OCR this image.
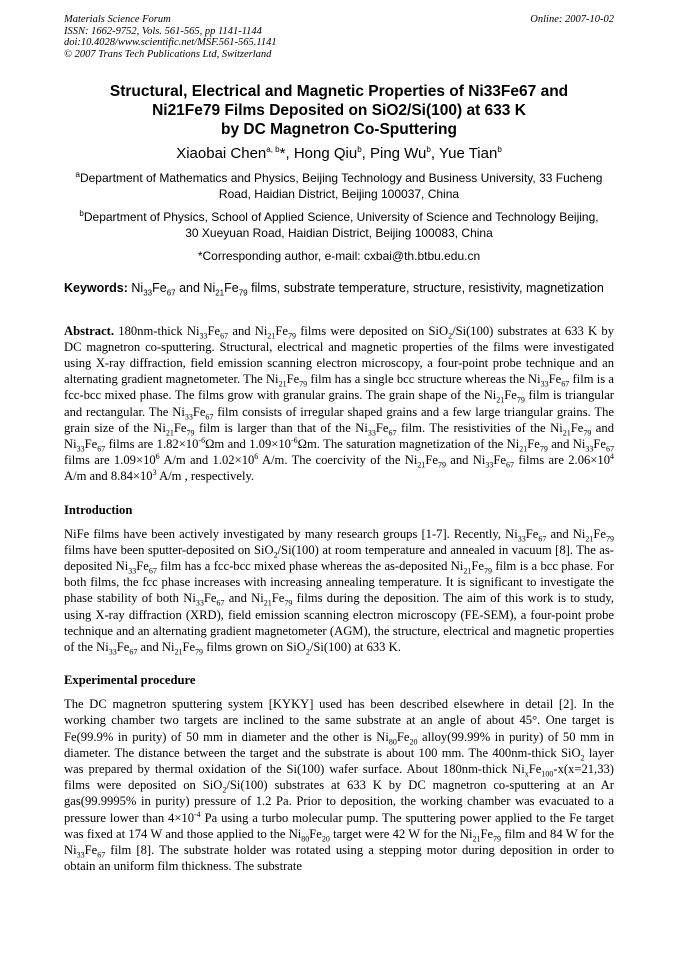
Materials Science Forum
ISSN: 1662-9752, Vols. 561-565, pp 1141-1144
doi:10.4028/www.scientific.net/MSF.561-565.1141
© 2007 Trans Tech Publications Ltd, Switzerland
Online: 2007-10-02
Structural, Electrical and Magnetic Properties of Ni33Fe67 and
Ni21Fe79 Films Deposited on SiO2/Si(100) at 633 K
by DC Magnetron Co-Sputtering
Xiaobai Chen$^{a, b}$*, Hong Qiu$^b$, Ping Wu$^b$, Yue Tian$^b$
$^a$Department of Mathematics and Physics, Beijing Technology and Business University, 33 Fucheng
Road, Haidian District, Beijing 100037, China
$^b$Department of Physics, School of Applied Science, University of Science and Technology Beijing,
30 Xueyuan Road, Haidian District, Beijing 100083, China
*Corresponding author, e-mail: cxbai@th.btbu.edu.cn
Keywords: $Ni_{33}Fe_{67}$ and $Ni_{21}Fe_{79}$ films, substrate temperature, structure, resistivity, magnetization
Abstract. 180nm-thick $Ni_{33}Fe_{67}$ and $Ni_{21}Fe_{79}$ films were deposited on SiO$_2$/Si(100) substrates at 633 K by DC magnetron co-sputtering. Structural, electrical and magnetic properties of the films were investigated using X-ray diffraction, field emission scanning electron microscopy, a four-point probe technique and an alternating gradient magnetometer. The $Ni_{21}Fe_{79}$ film has a single bcc structure whereas the $Ni_{33}Fe_{67}$ film is a fcc-bcc mixed phase. The films grow with granular grains. The grain shape of the $Ni_{21}Fe_{79}$ film is triangular and rectangular. The $Ni_{33}Fe_{67}$ film consists of irregular shaped grains and a few large triangular grains. The grain size of the $Ni_{21}Fe_{79}$ film is larger than that of the $Ni_{33}Fe_{67}$ film. The resistivities of the $Ni_{21}Fe_{79}$ and $Ni_{33}Fe_{67}$ films are $1.82\times 10^{-6}\Omega m$ and $1.09\times 10^{-6}\Omega m$. The saturation magnetization of the $Ni_{21}Fe_{79}$ and $Ni_{33}Fe_{67}$ films are $1.09\times 10^6$ A/m and $1.02\times 10^6$ A/m. The coercivity of the $Ni_{21}Fe_{79}$ and $Ni_{33}Fe_{67}$ films are $2.06\times 10^4$ A/m and $8.84\times 10^3$ A/m , respectively.
Introduction
NiFe films have been actively investigated by many research groups [1-7]. Recently, $Ni_{33}Fe_{67}$ and $Ni_{21}Fe_{79}$ films have been sputter-deposited on SiO$_2$/Si(100) at room temperature and annealed in vacuum [8]. The as-deposited $Ni_{33}Fe_{67}$ film has a fcc-bcc mixed phase whereas the as-deposited $Ni_{21}Fe_{79}$ film is a bcc phase. For both films, the fcc phase increases with increasing annealing temperature. It is significant to investigate the phase stability of both $Ni_{33}Fe_{67}$ and $Ni_{21}Fe_{79}$ films during the deposition. The aim of this work is to study, using X-ray diffraction (XRD), field emission scanning electron microscopy (FE-SEM), a four-point probe technique and an alternating gradient magnetometer (AGM), the structure, electrical and magnetic properties of the $Ni_{33}Fe_{67}$ and $Ni_{21}Fe_{79}$ films grown on SiO$_2$/Si(100) at 633 K.
Experimental procedure
The DC magnetron sputtering system [KYKY] used has been described elsewhere in detail [2]. In the working chamber two targets are inclined to the same substrate at an angle of about 45°. One target is Fe(99.9% in purity) of 50 mm in diameter and the other is $Ni_{80}Fe_{20}$ alloy(99.99% in purity) of 50 mm in diameter. The distance between the target and the substrate is about 100 mm. The 400nm-thick SiO$_2$ layer was prepared by thermal oxidation of the Si(100) wafer surface. About 180nm-thick $Ni_xFe_{100}-x(x=21,33)$ films were deposited on SiO$_2$/Si(100) substrates at 633 K by DC magnetron co-sputtering at an Ar gas(99.9995% in purity) pressure of 1.2 Pa. Prior to deposition, the working chamber was evacuated to a pressure lower than $4\times 10^{-4}$ Pa using a turbo molecular pump. The sputtering power applied to the Fe target was fixed at 174 W and those applied to the $Ni_{80}Fe_{20}$ target were 42 W for the $Ni_{21}Fe_{79}$ film and 84 W for the $Ni_{33}Fe_{67}$ film [8]. The substrate holder was rotated using a stepping motor during deposition in order to obtain an uniform film thickness. The substrate
